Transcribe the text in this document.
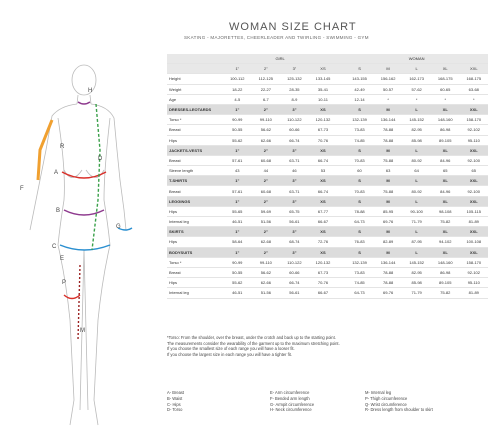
WOMAN SIZE CHART
SKATING - MAJORETTES, CHEERLEADER AND TWIRLING - SWIMMING - GYM
R
H
F
A
B
C
D
G
P
M
E
GIRL	WOMAN
1"	2"	3"	XS	S	M	L	XL	XXL
Height	100-112	112-125	125-132	133-145	143-155	156-162	162-173	168-175	168-175
Weight	18-22	22-27	28-35	35-41	42-49	50-57	57-62	60-65	63-68
Age	4-5	6-7	8-9	10-11	12-14	*	*	*	*
DRESSES-LEOTARDS	1"	2"	3"	XS	S	M	L	XL	XXL
Torso *	90-99	99-110	110-122	120-132	132-139	136-144	145-152	148-160	158-170
Breast	50-55	56-62	60-66	67-73	73-83	78-88	82-95	86-98	92-102
Hips	55-62	62-66	66-74	70-76	74-85	78-88	85-98	89-105	95-110
JACKETS-VESTS	1"	2"	3"	XS	S	M	L	XL	XXL
Breast	57-61	60-68	63-71	66-74	70-83	75-88	80-92	84-96	92-100
Sleeve length	43	44	46	53	60	63	64	65	65
T-SHIRTS	1"	2"	3"	XS	S	M	L	XL	XXL
Breast	57-61	60-68	63-71	66-74	70-83	75-88	80-92	84-96	92-100
LEGGINGS	1"	2"	3"	XS	S	M	L	XL	XXL
Hips	55-65	59-69	65-75	67-77	78-88	85-95	90-100	98-108	105-115
Internal leg	46-51	51-56	56-61	66-67	64-73	69-76	71-79	75-82	81-89
SKIRTS	1"	2"	3"	XS	S	M	L	XL	XXL
Hips	58-64	62-68	68-74	72-76	76-83	82-89	87-95	94-102	100-108
BODYSUITS	1"	2"	3"	XS	S	M	L	XL	XXL
Torso *	90-99	99-110	110-122	120-132	132-139	136-144	145-152	148-160	158-170
Breast	50-55	56-62	60-66	67-73	73-83	78-88	82-95	86-98	92-102
Hips	55-62	62-66	66-74	70-76	74-85	78-88	85-98	89-105	95-110
Internal leg	46-51	51-56	56-61	66-67	64-73	69-76	71-79	75-82	81-89
*Torso: From the shoulder, over the breast, under the crotch and back up to the starting point.
The measurements consider the wearability of the garment up to the maximum stretching point.
If you choose the smallest size of each range you will have a looser fit.
If you choose the largest size in each range you will have a tighter fit.
A- Breast
B- Waist
C- Hips
D- Torso
E- Arm circumference
F- Bended arm length
G- Armpit circumference
H- Neck circumference
M- Internal leg
P- Thigh circumference
Q- Wrist circumference
R- Dress length from shoulder to skirt
